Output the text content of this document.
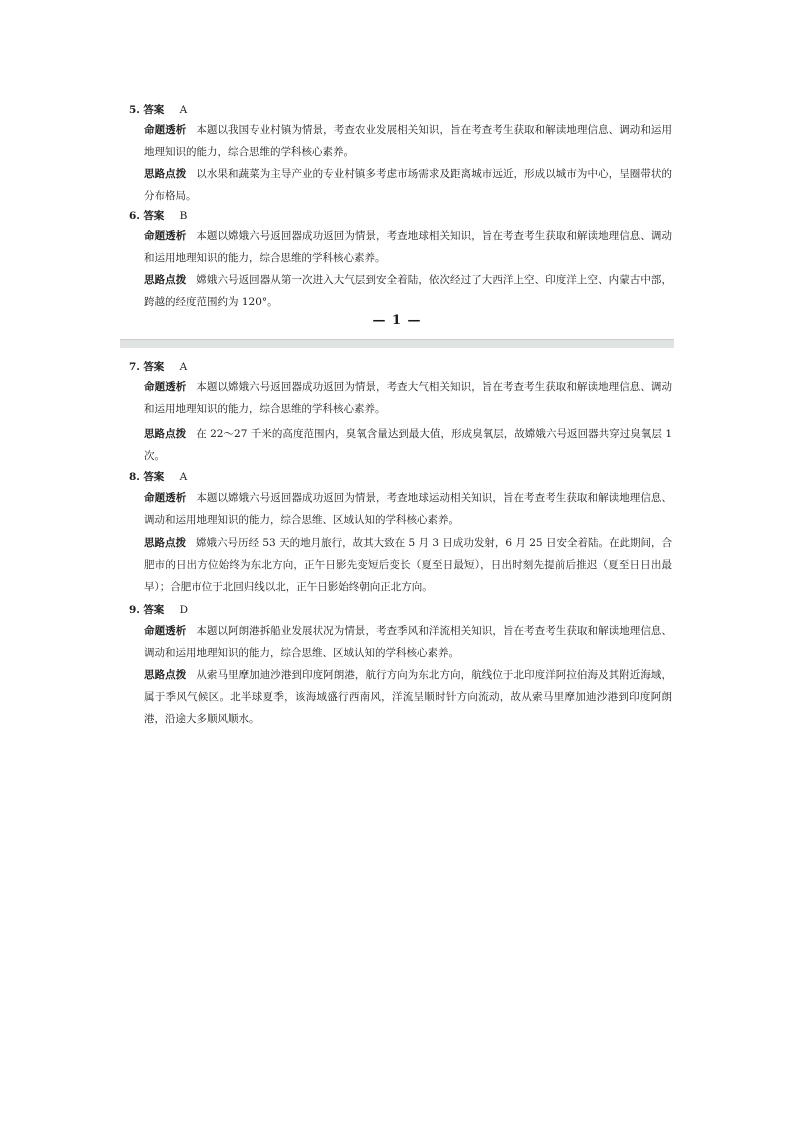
5. 答案 A
命题透析 本题以我国专业村镇为情景，考查农业发展相关知识，旨在考查考生获取和解读地理信息、调动和运用地理知识的能力，综合思维的学科核心素养。
思路点拨 以水果和蔬菜为主导产业的专业村镇多考虑市场需求及距离城市远近，形成以城市为中心，呈圈带状的分布格局。
6. 答案 B
命题透析 本题以嫦娥六号返回器成功返回为情景，考查地球相关知识，旨在考查考生获取和解读地理信息、调动和运用地理知识的能力，综合思维的学科核心素养。
思路点拨 嫦娥六号返回器从第一次进入大气层到安全着陆，依次经过了大西洋上空、印度洋上空、内蒙古中部，跨越的经度范围约为 120°。
— 1 —
7. 答案 A
命题透析 本题以嫦娥六号返回器成功返回为情景，考查大气相关知识，旨在考查考生获取和解读地理信息、调动和运用地理知识的能力，综合思维的学科核心素养。
思路点拨 在 22～27 千米的高度范围内，臭氧含量达到最大值，形成臭氧层，故嫦娥六号返回器共穿过臭氧层 1 次。
8. 答案 A
命题透析 本题以嫦娥六号返回器成功返回为情景，考查地球运动相关知识，旨在考查考生获取和解读地理信息、调动和运用地理知识的能力，综合思维、区域认知的学科核心素养。
思路点拨 嫦娥六号历经 53 天的地月旅行，故其大致在 5 月 3 日成功发射，6 月 25 日安全着陆。在此期间，合肥市的日出方位始终为东北方向，正午日影先变短后变长（夏至日最短），日出时刻先提前后推迟（夏至日日出最早）；合肥市位于北回归线以北，正午日影始终朝向正北方向。
9. 答案 D
命题透析 本题以阿朗港拆船业发展状况为情景，考查季风和洋流相关知识，旨在考查考生获取和解读地理信息、调动和运用地理知识的能力，综合思维、区域认知的学科核心素养。
思路点拨 从索马里摩加迪沙港到印度阿朗港，航行方向为东北方向，航线位于北印度洋阿拉伯海及其附近海域，属于季风气候区。北半球夏季，该海域盛行西南风，洋流呈顺时针方向流动，故从索马里摩加迪沙港到印度阿朗港，沿途大多顺风顺水。
